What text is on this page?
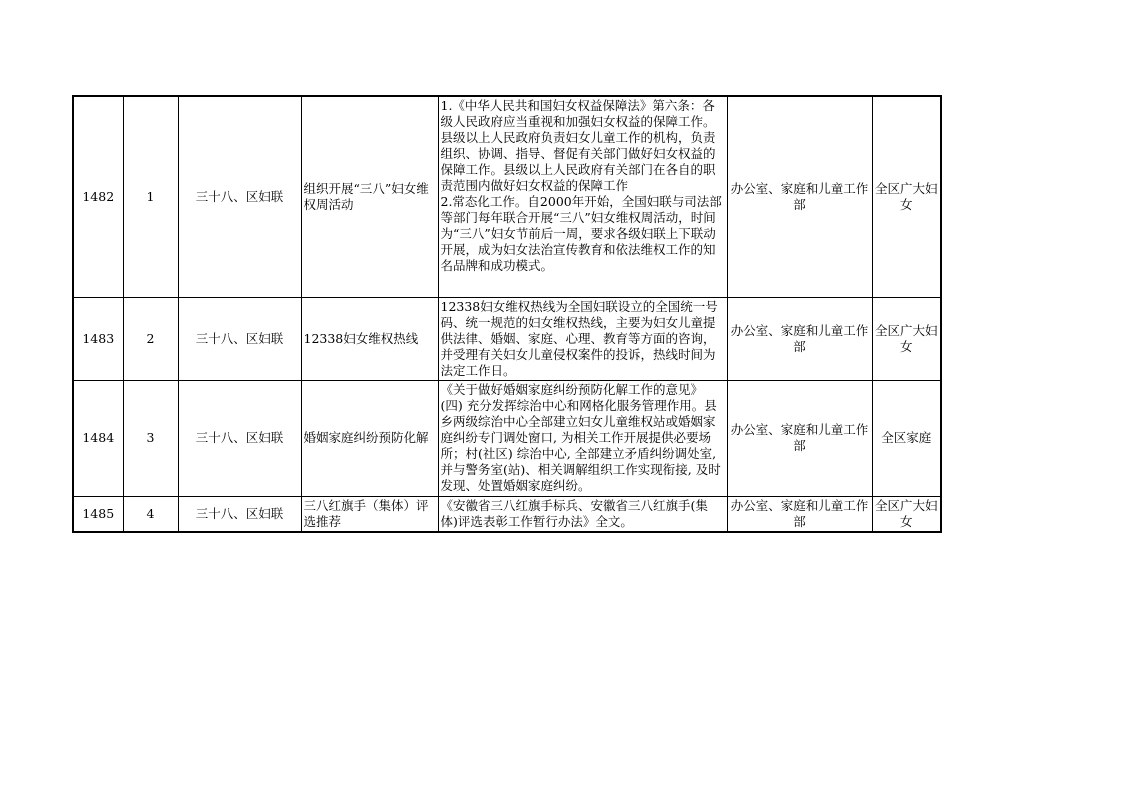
1482	1	三十八、区妇联	组织开展“三八”妇女维权周活动	1.《中华人民共和国妇女权益保障法》第六条：各级人民政府应当重视和加强妇女权益的保障工作。县级以上人民政府负责妇女儿童工作的机构，负责组织、协调、指导、督促有关部门做好妇女权益的保障工作。县级以上人民政府有关部门在各自的职责范围内做好妇女权益的保障工作
2.常态化工作。自2000年开始，全国妇联与司法部等部门每年联合开展“三八”妇女维权周活动，时间为“三八”妇女节前后一周，要求各级妇联上下联动开展，成为妇女法治宣传教育和依法维权工作的知名品牌和成功模式。	办公室、家庭和儿童工作部	全区广大妇女
1483	2	三十八、区妇联	12338妇女维权热线	12338妇女维权热线为全国妇联设立的全国统一号码、统一规范的妇女维权热线，主要为妇女儿童提供法律、婚姻、家庭、心理、教育等方面的咨询，并受理有关妇女儿童侵权案件的投诉，热线时间为法定工作日。	办公室、家庭和儿童工作部	全区广大妇女
1484	3	三十八、区妇联	婚姻家庭纠纷预防化解	《关于做好婚姻家庭纠纷预防化解工作的意见》(四) 充分发挥综治中心和网格化服务管理作用。县乡两级综治中心全部建立妇女儿童维权站或婚姻家庭纠纷专门调处窗口, 为相关工作开展提供必要场所；村(社区) 综治中心, 全部建立矛盾纠纷调处室, 并与警务室(站)、相关调解组织工作实现衔接, 及时发现、处置婚姻家庭纠纷。	办公室、家庭和儿童工作部	全区家庭
1485	4	三十八、区妇联	三八红旗手（集体）评选推荐	《安徽省三八红旗手标兵、安徽省三八红旗手(集体)评选表彰工作暂行办法》全文。	办公室、家庭和儿童工作部	全区广大妇女
